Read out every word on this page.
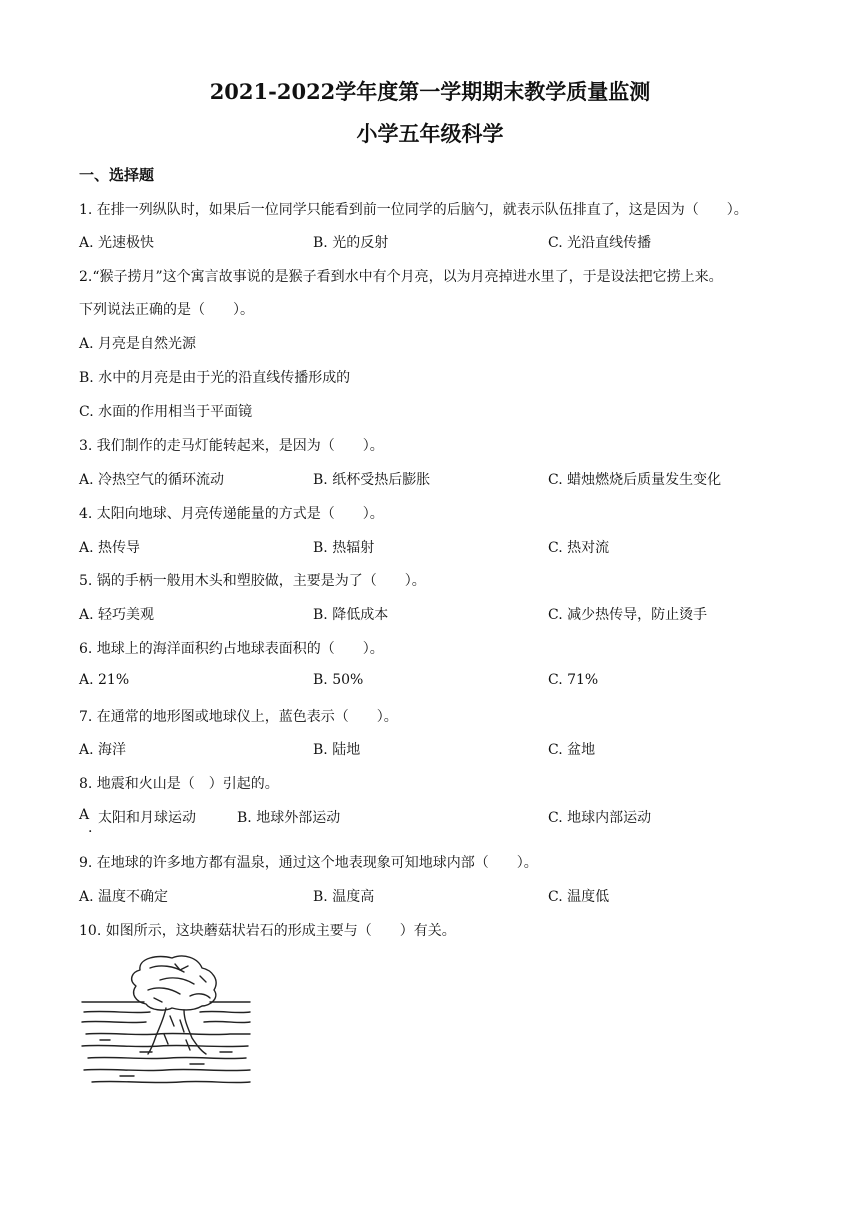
2021-2022学年度第一学期期末教学质量监测
小学五年级科学
一、选择题
1. 在排一列纵队时，如果后一位同学只能看到前一位同学的后脑勺，就表示队伍排直了，这是因为（　　）。
A. 光速极快	B. 光的反射	C. 光沿直线传播
2.“猴子捞月”这个寓言故事说的是猴子看到水中有个月亮，以为月亮掉进水里了，于是设法把它捞上来。
下列说法正确的是（　　）。
A. 月亮是自然光源
B. 水中的月亮是由于光的沿直线传播形成的
C. 水面的作用相当于平面镜
3. 我们制作的走马灯能转起来，是因为（　　）。
A. 冷热空气的循环流动	B. 纸杯受热后膨胀	C. 蜡烛燃烧后质量发生变化
4. 太阳向地球、月亮传递能量的方式是（　　）。
A. 热传导	B. 热辐射	C. 热对流
5. 锅的手柄一般用木头和塑胶做，主要是为了（　　）。
A. 轻巧美观	B. 降低成本	C. 减少热传导，防止烫手
6. 地球上的海洋面积约占地球表面积的（　　）。
A. 21%	B. 50%	C. 71%
7. 在通常的地形图或地球仪上，蓝色表示（　　）。
A. 海洋	B. 陆地	C. 盆地
8. 地震和火山是（　）引起的。
A
.
太阳和月球运动	B. 地球外部运动	C. 地球内部运动
9. 在地球的许多地方都有温泉，通过这个地表现象可知地球内部（　　）。
A. 温度不确定	B. 温度高	C. 温度低
10. 如图所示，这块蘑菇状岩石的形成主要与（　　）有关。
